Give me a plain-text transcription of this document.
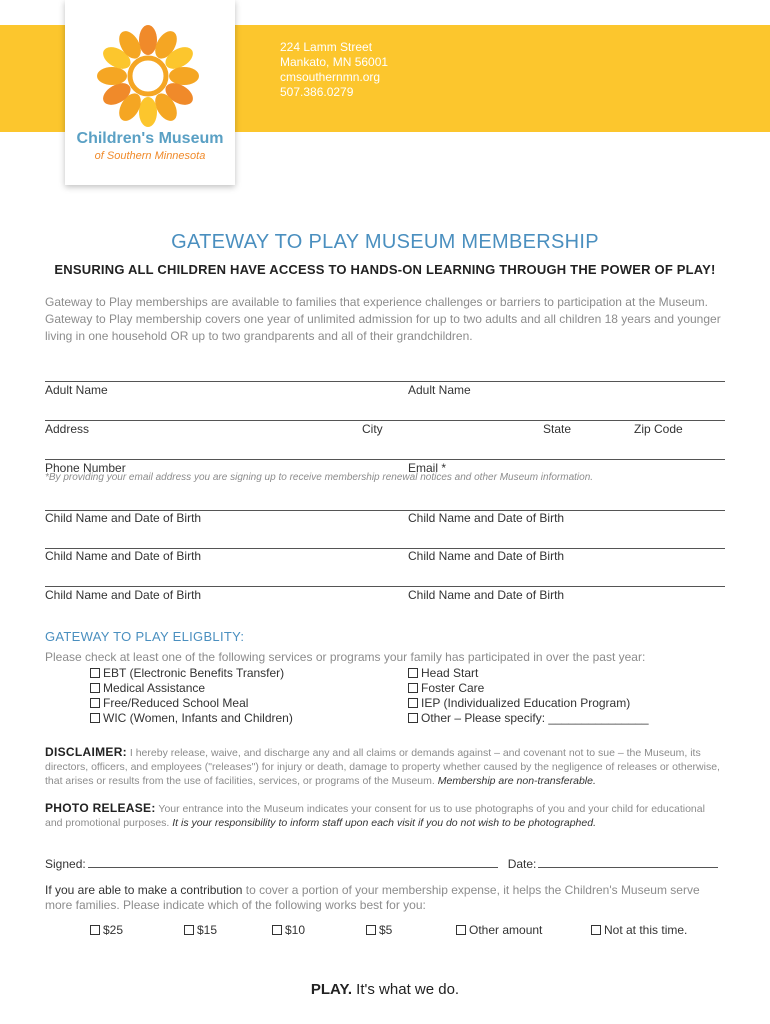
Children's Museum
of Southern Minnesota
224 Lamm Street
Mankato, MN 56001
cmsouthernmn.org
507.386.0279
GATEWAY TO PLAY MUSEUM MEMBERSHIP
ENSURING ALL CHILDREN HAVE ACCESS TO HANDS-ON LEARNING THROUGH THE POWER OF PLAY!
Gateway to Play memberships are available to families that experience challenges or barriers to participation at the Museum. Gateway to Play membership covers one year of unlimited admission for up to two adults and all children 18 years and younger living in one household OR up to two grandparents and all of their grandchildren.
Adult Name	Adult Name
Address	City	State	Zip Code
Phone Number	Email *
*By providing your email address you are signing up to receive membership renewal notices and other Museum information.
Child Name and Date of Birth	Child Name and Date of Birth
Child Name and Date of Birth	Child Name and Date of Birth
Child Name and Date of Birth	Child Name and Date of Birth
GATEWAY TO PLAY ELIGBLITY:
Please check at least one of the following services or programs your family has participated in over the past year:
EBT (Electronic Benefits Transfer)
Medical Assistance
Free/Reduced School Meal
WIC (Women, Infants and Children)
Head Start
Foster Care
IEP (Individualized Education Program)
Other – Please specify: _______________
DISCLAIMER: I hereby release, waive, and discharge any and all claims or demands against – and covenant not to sue – the Museum, its directors, officers, and employees ("releases") for injury or death, damage to property whether caused by the negligence of releases or otherwise, that arises or results from the use of facilities, services, or programs of the Museum. Membership are non-transferable.
PHOTO RELEASE: Your entrance into the Museum indicates your consent for us to use photographs of you and your child for educational and promotional purposes. It is your responsibility to inform staff upon each visit if you do not wish to be photographed.
Signed:	Date:
If you are able to make a contribution to cover a portion of your membership expense, it helps the Children's Museum serve more families. Please indicate which of the following works best for you:
$25	$15	$10	$5	Other amount	Not at this time.
PLAY. It's what we do.
